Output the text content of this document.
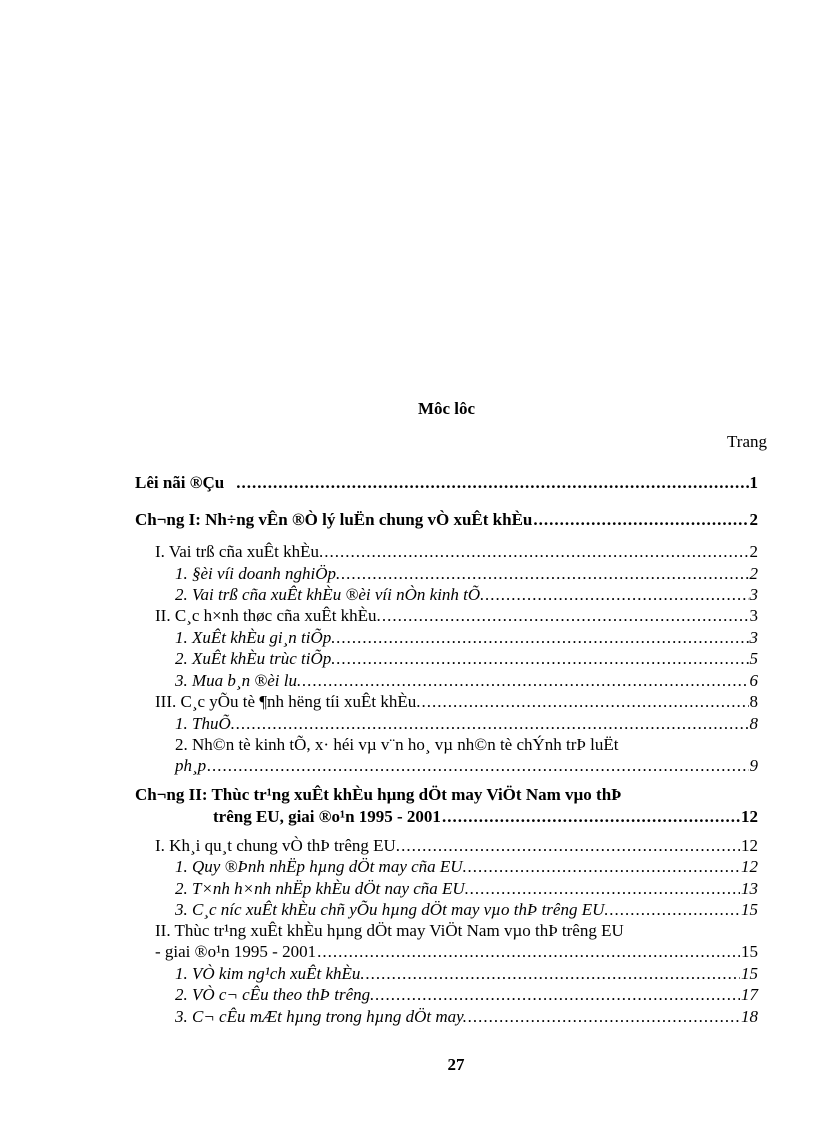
Môc lôc
Trang
Lêi nãi ®Çu .....	1
Ch¬ng I: Nh÷ng vÊn ®Ò lý luËn chung vÒ xuÊt khÈu .....	2
I. Vai trß cña xuÊt khÈu. .....	2
1. §èi víi doanh nghiÖp. .....	2
2. Vai trß cña xuÊt khÈu ®èi víi nÒn kinh tÕ. .....	3
II. C¸c h×nh thøc cña xuÊt khÈu. .....	3
1. XuÊt khÈu gi¸n tiÕp. .....	3
2. XuÊt khÈu trùc tiÕp. .....	5
3. Mua b¸n ®èi lu. .....	6
III. C¸c yÕu tè ¶nh hëng tíi xuÊt khÈu. .....	8
1. ThuÕ. .....	8
2. Nh©n tè kinh tÕ, x· héi vµ v¨n ho¸ vµ nh©n tè chÝnh trÞ luËt
ph¸p .....	9
Ch¬ng II: Thùc tr¹ng xuÊt khÈu hµng dÖt may ViÖt Nam vµo thÞ
trêng EU, giai ®o¹n 1995 - 2001 .....	12
I. Kh¸i qu¸t chung vÒ thÞ trêng EU. .....	12
1. Quy ®Þnh nhËp hµng dÖt may cña EU. .....	12
2. T×nh h×nh nhËp khÈu dÖt nay cña EU. .....	13
3. C¸c níc xuÊt khÈu chñ yÕu hµng dÖt may vµo thÞ trêng EU. .....	15
II. Thùc tr¹ng xuÊt khÈu hµng dÖt may ViÖt Nam vµo thÞ trêng EU
- giai ®o¹n 1995 - 2001 .....	15
1. VÒ kim ng¹ch xuÊt khÈu. .....	15
2. VÒ c¬ cÊu theo thÞ trêng. .....	17
3. C¬ cÊu mÆt hµng trong hµng dÖt may. .....	18
27
